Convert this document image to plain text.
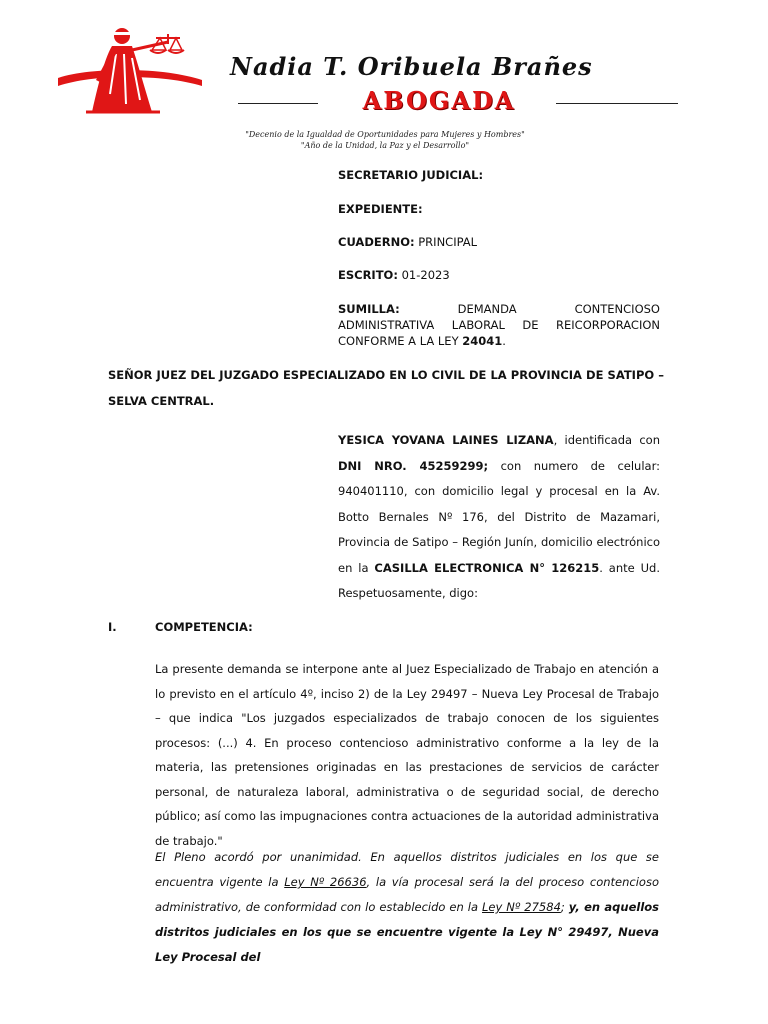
Nadia T. Oribuela Brañes
ABOGADA
"Decenio de la Igualdad de Oportunidades para Mujeres y Hombres"
"Año de la Unidad, la Paz y el Desarrollo"
SECRETARIO JUDICIAL:
EXPEDIENTE:
CUADERNO: PRINCIPAL
ESCRITO: 01-2023
SUMILLA:	DEMANDA	CONTENCIOSO
ADMINISTRATIVA LABORAL DE REICORPORACION CONFORME A LA LEY 24041.
SEÑOR JUEZ DEL JUZGADO ESPECIALIZADO EN LO CIVIL DE LA PROVINCIA DE SATIPO – SELVA CENTRAL.
YESICA YOVANA LAINES LIZANA, identificada con DNI NRO. 45259299; con numero de celular: 940401110, con domicilio legal y procesal en la Av. Botto Bernales Nº 176, del Distrito de Mazamari, Provincia de Satipo – Región Junín, domicilio electrónico en la CASILLA ELECTRONICA N° 126215. ante Ud. Respetuosamente, digo:
I.	COMPETENCIA:
La presente demanda se interpone ante al Juez Especializado de Trabajo en atención a lo previsto en el artículo 4º, inciso 2) de la Ley 29497 – Nueva Ley Procesal de Trabajo – que indica "Los juzgados especializados de trabajo conocen de los siguientes procesos: (...) 4. En proceso contencioso administrativo conforme a la ley de la materia, las pretensiones originadas en las prestaciones de servicios de carácter personal, de naturaleza laboral, administrativa o de seguridad social, de derecho público; así como las impugnaciones contra actuaciones de la autoridad administrativa de trabajo."
El Pleno acordó por unanimidad. En aquellos distritos judiciales en los que se encuentra vigente la Ley Nº 26636, la vía procesal será la del proceso contencioso administrativo, de conformidad con lo establecido en la Ley Nº 27584; y, en aquellos distritos judiciales en los que se encuentre vigente la Ley N° 29497, Nueva Ley Procesal del
